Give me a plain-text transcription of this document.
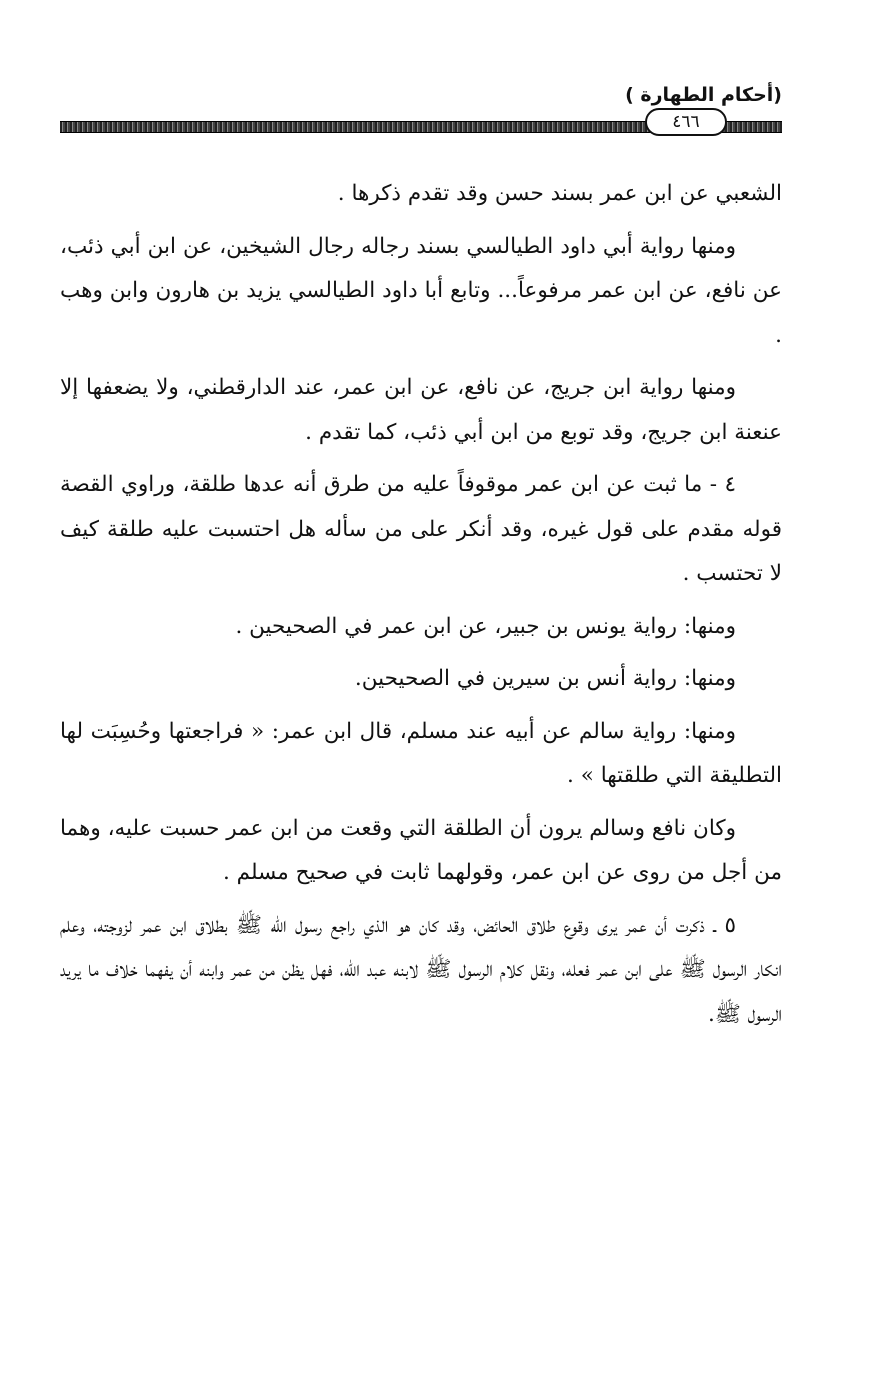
(أحكام الطهارة )
٤٦٦

الشعبي عن ابن عمر بسند حسن وقد تقدم ذكرها .

ومنها رواية أبي داود الطيالسي بسند رجاله رجال الشيخين، عن ابن أبي ذئب، عن نافع، عن ابن عمر مرفوعاً... وتابع أبا داود الطيالسي يزيد بن هارون وابن وهب .

ومنها رواية ابن جريج، عن نافع، عن ابن عمر، عند الدارقطني، ولا يضعفها إلا عنعنة ابن جريج، وقد توبع من ابن أبي ذئب، كما تقدم .

٤ - ما ثبت عن ابن عمر موقوفاً عليه من طرق أنه عدها طلقة، وراوي القصة قوله مقدم على قول غيره، وقد أنكر على من سأله هل احتسبت عليه طلقة كيف لا تحتسب .

ومنها: رواية يونس بن جبير، عن ابن عمر في الصحيحين .

ومنها: رواية أنس بن سيرين في الصحيحين.

ومنها: رواية سالم عن أبيه عند مسلم، قال ابن عمر: « فراجعتها وحُسِبَت لها التطليقة التي طلقتها » .

وكان نافع وسالم يرون أن الطلقة التي وقعت من ابن عمر حسبت عليه، وهما من أجل من روى عن ابن عمر، وقولهما ثابت في صحيح مسلم .

٥ ـ ذكرت أن عمر يرى وقوع طلاق الحائض، وقد كان هو الذي راجع رسول الله ﷺ بطلاق ابن عمر لزوجته، وعلم انكار الرسول ﷺ على ابن عمر فعله، ونقل كلام الرسول ﷺ لابنه عبد الله، فهل يظن من عمر وابنه أن يفهما خلاف ما يريد الرسول ﷺ.
